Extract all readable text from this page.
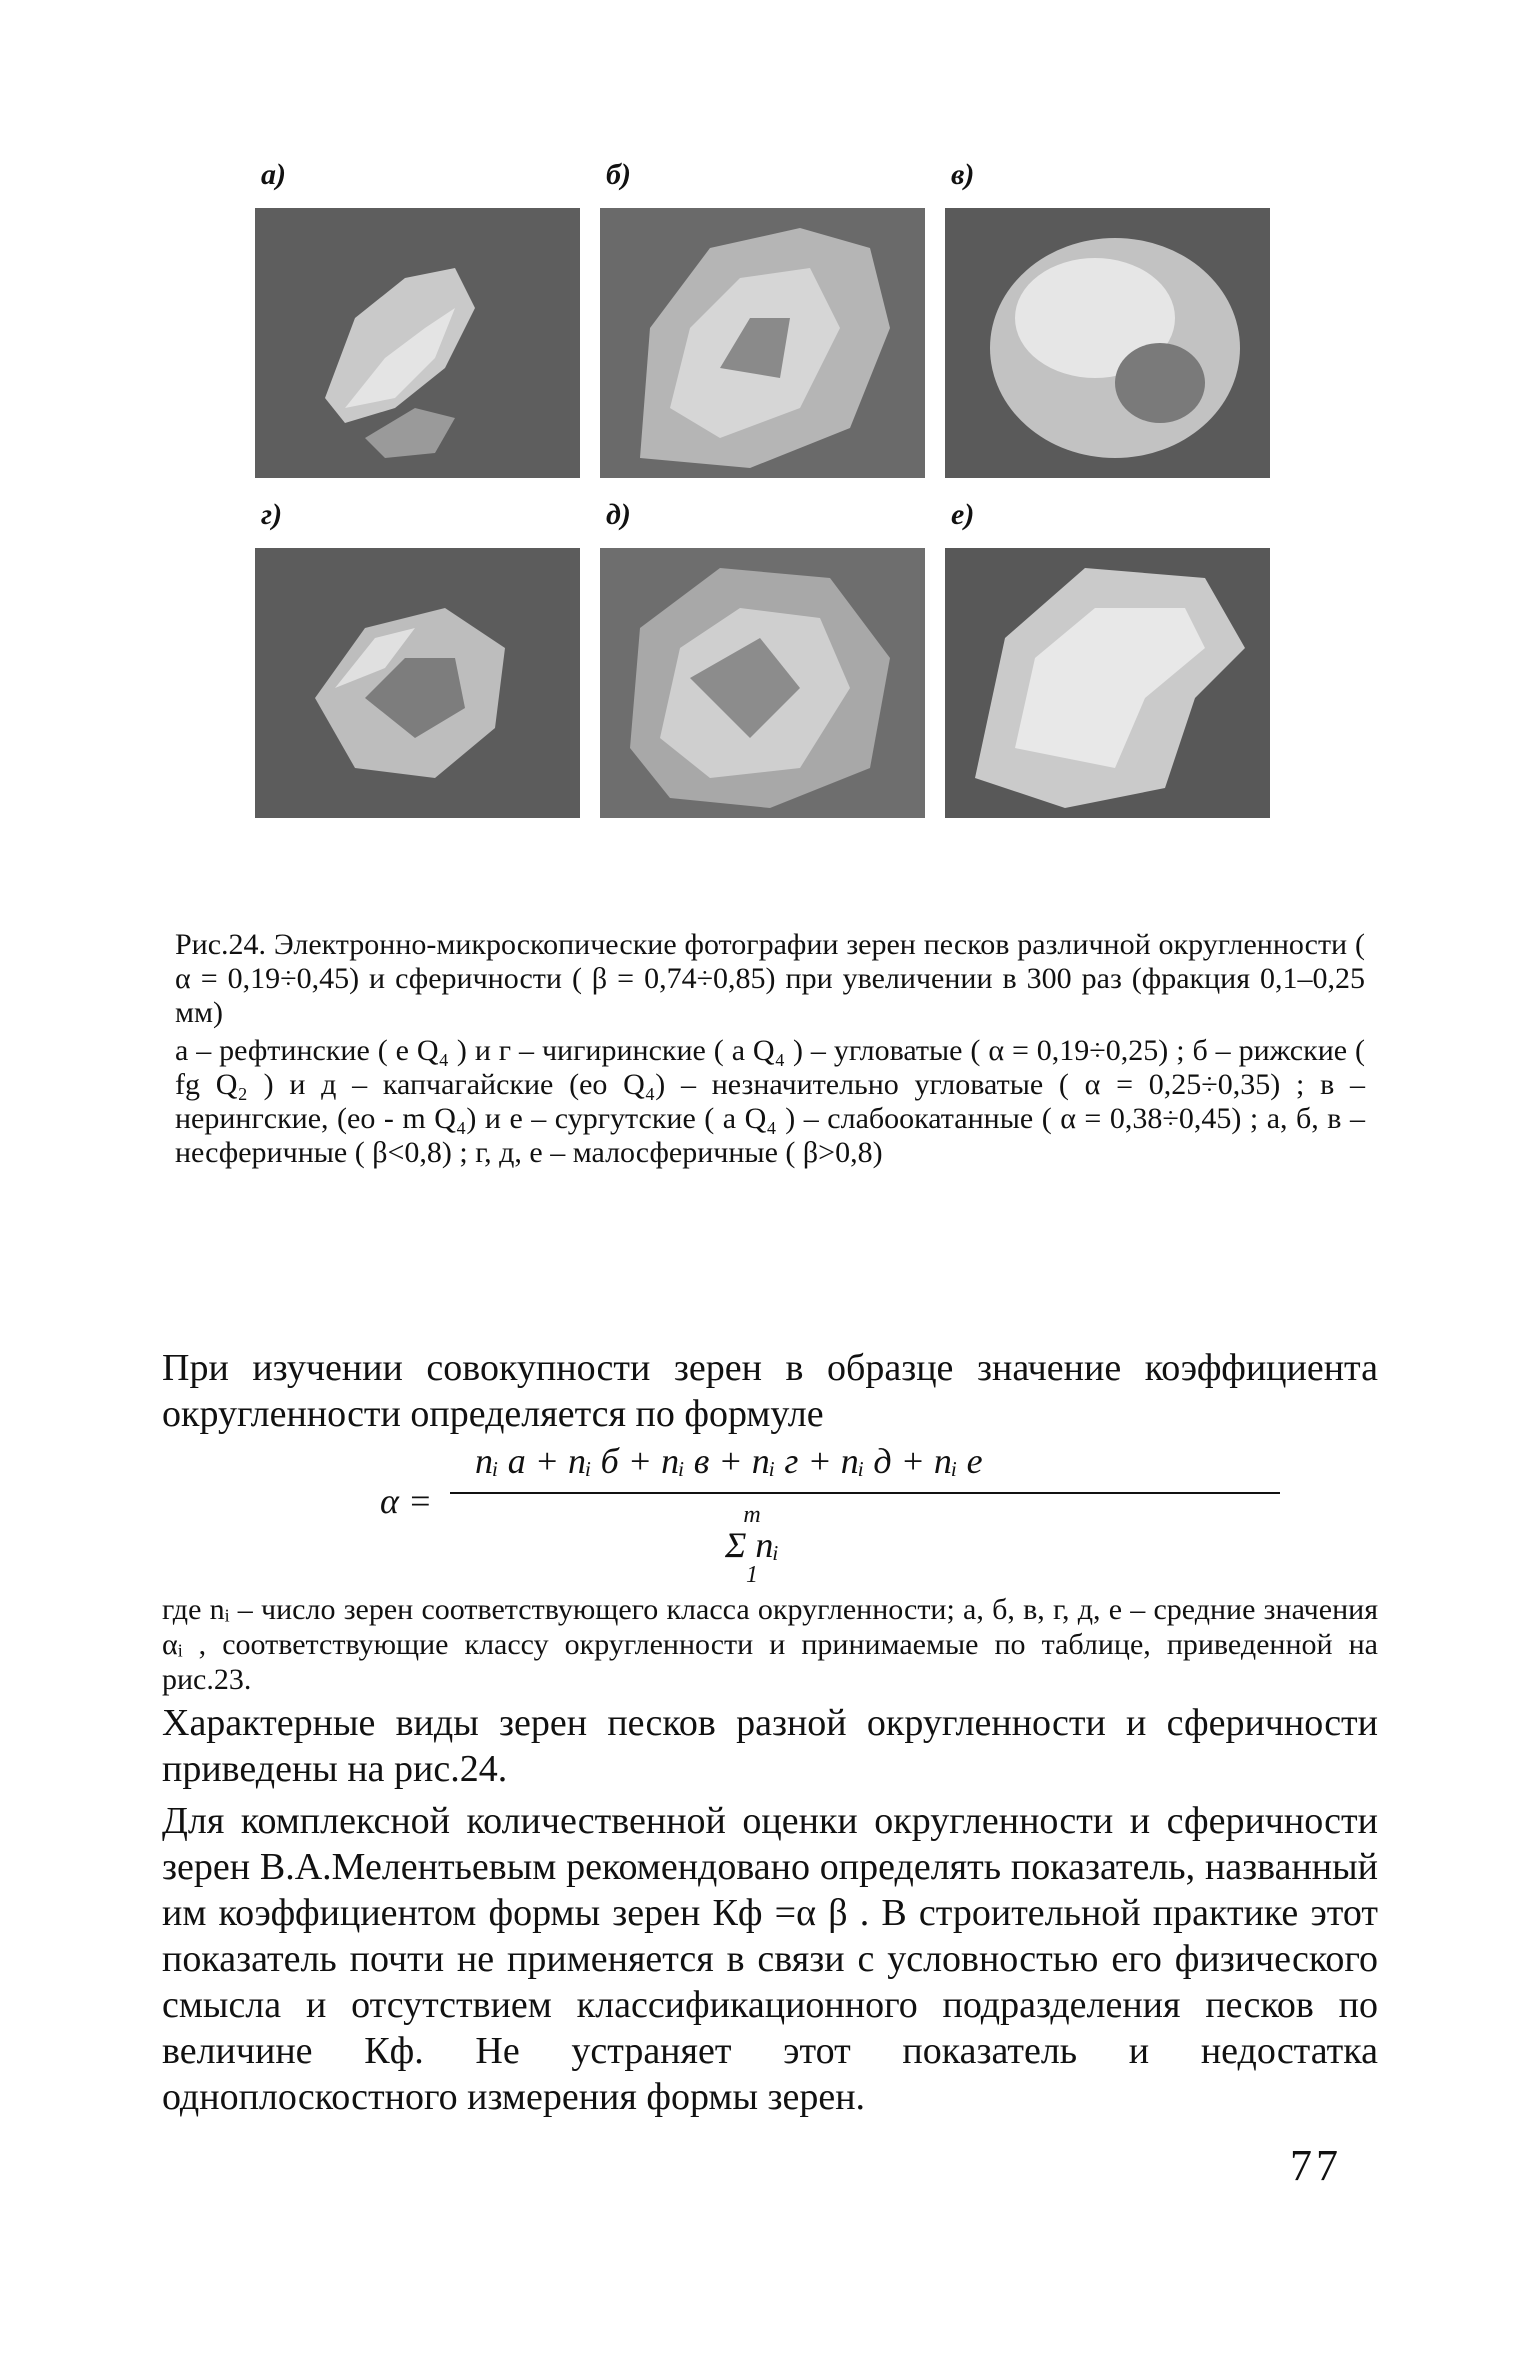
а)	б)	в)
г)	д)	е)

Рис.24. Электронно-микроскопические фотографии зерен песков различной округленности ( α = 0,19÷0,45) и сферичности ( β = 0,74÷0,85) при увеличении в 300 раз (фракция 0,1–0,25 мм)

а – рефтинские ( e Q₄ ) и г – чигиринские ( a Q₄ ) – угловатые ( α = 0,19÷0,25) ; б – рижские ( fg Q₂ ) и д – капчагайские (eo Q₄) – незначительно угловатые ( α = 0,25÷0,35) ; в – нерингские, (eo - m Q₄) и е – сургутские ( a Q₄ ) – слабоокатанные ( α = 0,38÷0,45) ; а, б, в – несферичные ( β<0,8) ; г, д, е – малосферичные ( β>0,8)

При изучении совокупности зерен в образце значение коэффициента округленности определяется по формуле
α =
nᵢ a + nᵢ б + nᵢ в + nᵢ г + nᵢ д + nᵢ е
m
Σ nᵢ
1
где nᵢ – число зерен соответствующего класса округленности; а, б, в, г, д, е – средние значения αᵢ , соответствующие классу округленности и принимаемые по таблице, приведенной на рис.23.
Характерные виды зерен песков разной округленности и сферичности приведены на рис.24.
Для комплексной количественной оценки округленности и сферичности зерен В.А.Мелентьевым рекомендовано определять показатель, названный им коэффициентом формы зерен Кф =α β . В строительной практике этот показатель почти не применяется в связи с условностью его физического смысла и отсутствием классификационного подразделения песков по величине Кф. Не устраняет этот показатель и недостатка одноплоскостного измерения формы зерен.
77
